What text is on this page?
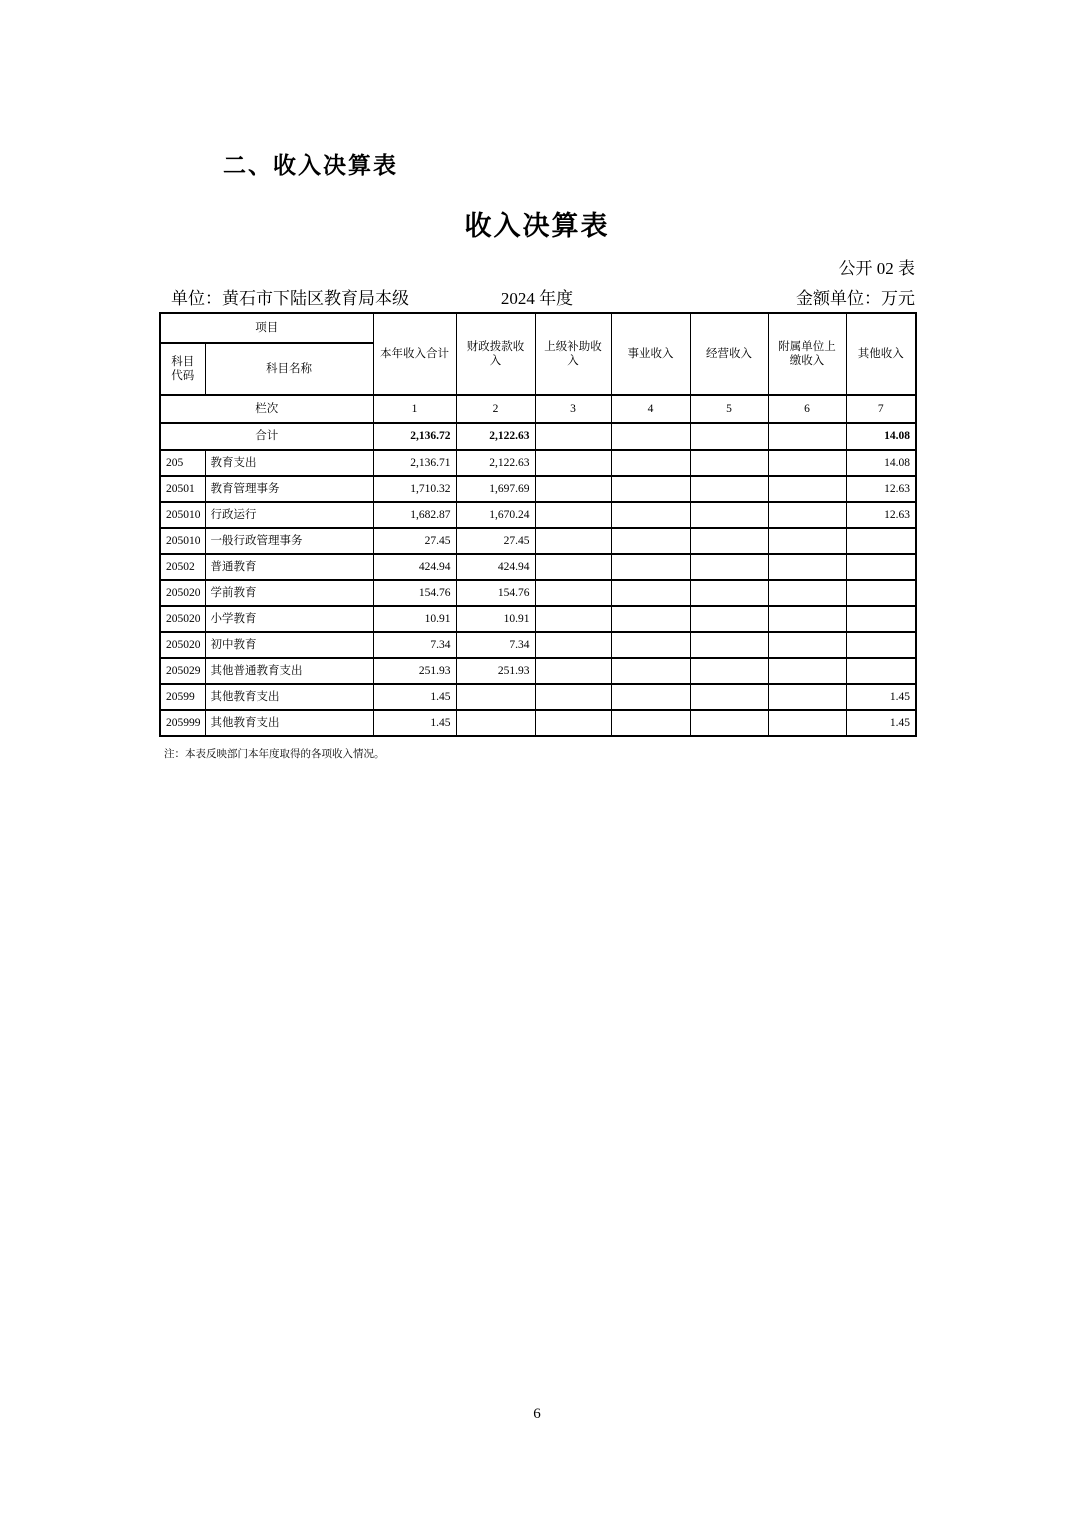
二、收入决算表
收入决算表
公开 02 表
单位：黄石市下陆区教育局本级	2024 年度	金额单位：万元
项目		本年收入合计	财政拨款收入	上级补助收入	事业收入	经营收入	附属单位上缴收入	其他收入
科目代码	科目名称							
栏次		1	2	3	4	5	6	7
合计		2,136.72	2,122.63					14.08
205	教育支出	2,136.71	2,122.63					14.08
20501	教育管理事务	1,710.32	1,697.69					12.63
205010	行政运行	1,682.87	1,670.24					12.63
205010	一般行政管理事务	27.45	27.45					
20502	普通教育	424.94	424.94					
205020	学前教育	154.76	154.76					
205020	小学教育	10.91	10.91					
205020	初中教育	7.34	7.34					
205029	其他普通教育支出	251.93	251.93					
20599	其他教育支出	1.45						1.45
205999	其他教育支出	1.45						1.45
注：本表反映部门本年度取得的各项收入情况。
6
